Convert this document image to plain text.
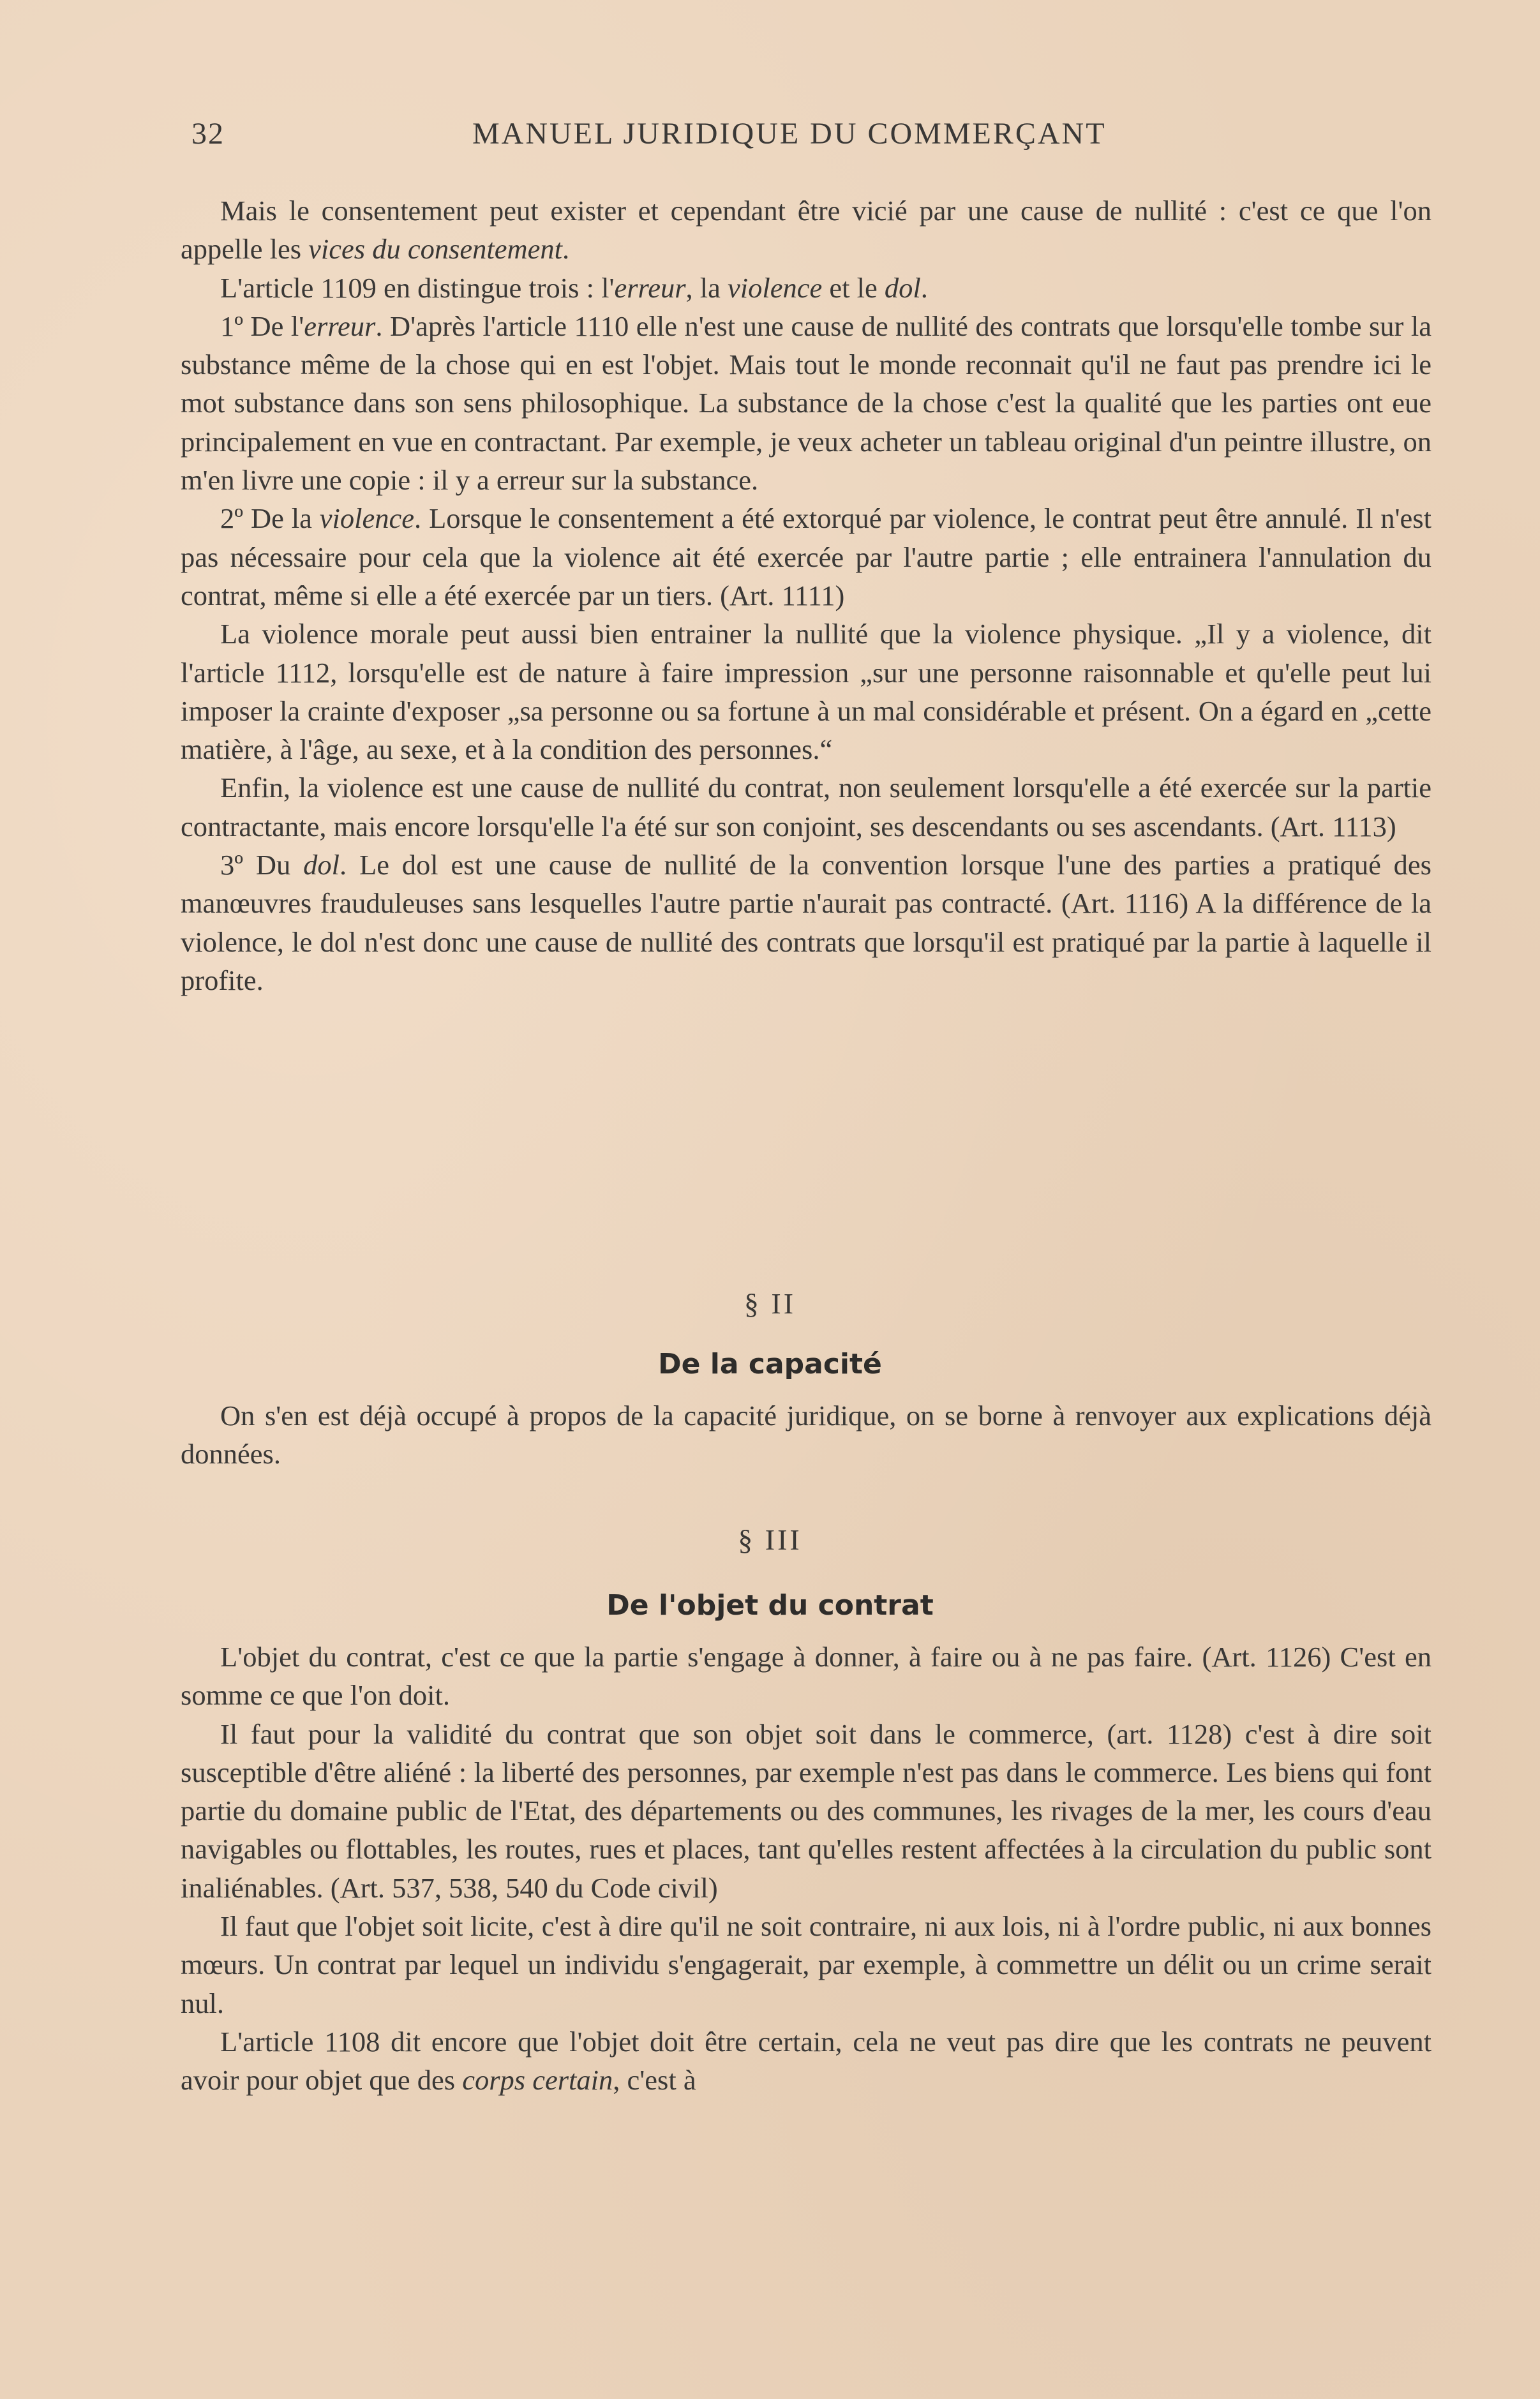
32	MANUEL JURIDIQUE DU COMMERÇANT

Mais le consentement peut exister et cependant être vicié par une cause de nullité : c'est ce que l'on appelle les vices du consentement.

L'article 1109 en distingue trois : l'erreur, la violence et le dol.

1º De l'erreur. D'après l'article 1110 elle n'est une cause de nullité des contrats que lorsqu'elle tombe sur la substance même de la chose qui en est l'objet. Mais tout le monde reconnait qu'il ne faut pas prendre ici le mot substance dans son sens philosophique. La substance de la chose c'est la qualité que les parties ont eue principalement en vue en contractant. Par exemple, je veux acheter un tableau original d'un peintre illustre, on m'en livre une copie : il y a erreur sur la substance.

2º De la violence. Lorsque le consentement a été extorqué par violence, le contrat peut être annulé. Il n'est pas nécessaire pour cela que la violence ait été exercée par l'autre partie ; elle entrainera l'annulation du contrat, même si elle a été exercée par un tiers. (Art. 1111)

La violence morale peut aussi bien entrainer la nullité que la violence physique. „Il y a violence, dit l'article 1112, lorsqu'elle est de nature à faire impression „sur une personne raisonnable et qu'elle peut lui imposer la crainte d'exposer „sa personne ou sa fortune à un mal considérable et présent. On a égard en „cette matière, à l'âge, au sexe, et à la condition des personnes.“

Enfin, la violence est une cause de nullité du contrat, non seulement lorsqu'elle a été exercée sur la partie contractante, mais encore lorsqu'elle l'a été sur son conjoint, ses descendants ou ses ascendants. (Art. 1113)

3º Du dol. Le dol est une cause de nullité de la convention lorsque l'une des parties a pratiqué des manœuvres frauduleuses sans lesquelles l'autre partie n'aurait pas contracté. (Art. 1116) A la différence de la violence, le dol n'est donc une cause de nullité des contrats que lorsqu'il est pratiqué par la partie à laquelle il profite.

§ II
De la capacité

On s'en est déjà occupé à propos de la capacité juridique, on se borne à renvoyer aux explications déjà données.

§ III
De l'objet du contrat

L'objet du contrat, c'est ce que la partie s'engage à donner, à faire ou à ne pas faire. (Art. 1126) C'est en somme ce que l'on doit.

Il faut pour la validité du contrat que son objet soit dans le commerce, (art. 1128) c'est à dire soit susceptible d'être aliéné : la liberté des personnes, par exemple n'est pas dans le commerce. Les biens qui font partie du domaine public de l'Etat, des départements ou des communes, les rivages de la mer, les cours d'eau navigables ou flottables, les routes, rues et places, tant qu'elles restent affectées à la circulation du public sont inaliénables. (Art. 537, 538, 540 du Code civil)

Il faut que l'objet soit licite, c'est à dire qu'il ne soit contraire, ni aux lois, ni à l'ordre public, ni aux bonnes mœurs. Un contrat par lequel un individu s'engagerait, par exemple, à commettre un délit ou un crime serait nul.

L'article 1108 dit encore que l'objet doit être certain, cela ne veut pas dire que les contrats ne peuvent avoir pour objet que des corps certain, c'est à
